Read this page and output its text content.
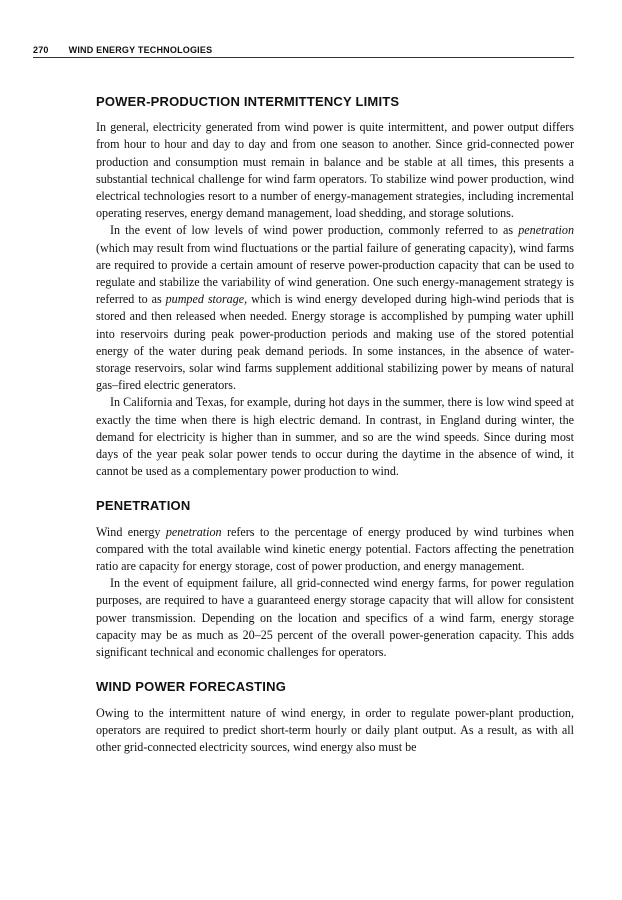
270 WIND ENERGY TECHNOLOGIES
POWER-PRODUCTION INTERMITTENCY LIMITS

In general, electricity generated from wind power is quite intermittent, and power output differs from hour to hour and day to day and from one season to another. Since grid-connected power production and consumption must remain in balance and be stable at all times, this presents a substantial technical challenge for wind farm operators. To stabilize wind power production, wind electrical technologies resort to a number of energy-management strategies, including incremental operating reserves, energy demand management, load shedding, and storage solutions.

In the event of low levels of wind power production, commonly referred to as penetration (which may result from wind fluctuations or the partial failure of generating capacity), wind farms are required to provide a certain amount of reserve power-production capacity that can be used to regulate and stabilize the variability of wind generation. One such energy-management strategy is referred to as pumped storage, which is wind energy developed during high-wind periods that is stored and then released when needed. Energy storage is accomplished by pumping water uphill into reservoirs during peak power-production periods and making use of the stored potential energy of the water during peak demand periods. In some instances, in the absence of water-storage reservoirs, solar wind farms supplement additional stabilizing power by means of natural gas–fired electric generators.

In California and Texas, for example, during hot days in the summer, there is low wind speed at exactly the time when there is high electric demand. In contrast, in England during winter, the demand for electricity is higher than in summer, and so are the wind speeds. Since during most days of the year peak solar power tends to occur during the daytime in the absence of wind, it cannot be used as a complementary power production to wind.

PENETRATION

Wind energy penetration refers to the percentage of energy produced by wind turbines when compared with the total available wind kinetic energy potential. Factors affecting the penetration ratio are capacity for energy storage, cost of power production, and energy management.

In the event of equipment failure, all grid-connected wind energy farms, for power regulation purposes, are required to have a guaranteed energy storage capacity that will allow for consistent power transmission. Depending on the location and specifics of a wind farm, energy storage capacity may be as much as 20–25 percent of the overall power-generation capacity. This adds significant technical and economic challenges for operators.

WIND POWER FORECASTING

Owing to the intermittent nature of wind energy, in order to regulate power-plant production, operators are required to predict short-term hourly or daily plant output. As a result, as with all other grid-connected electricity sources, wind energy also must be
